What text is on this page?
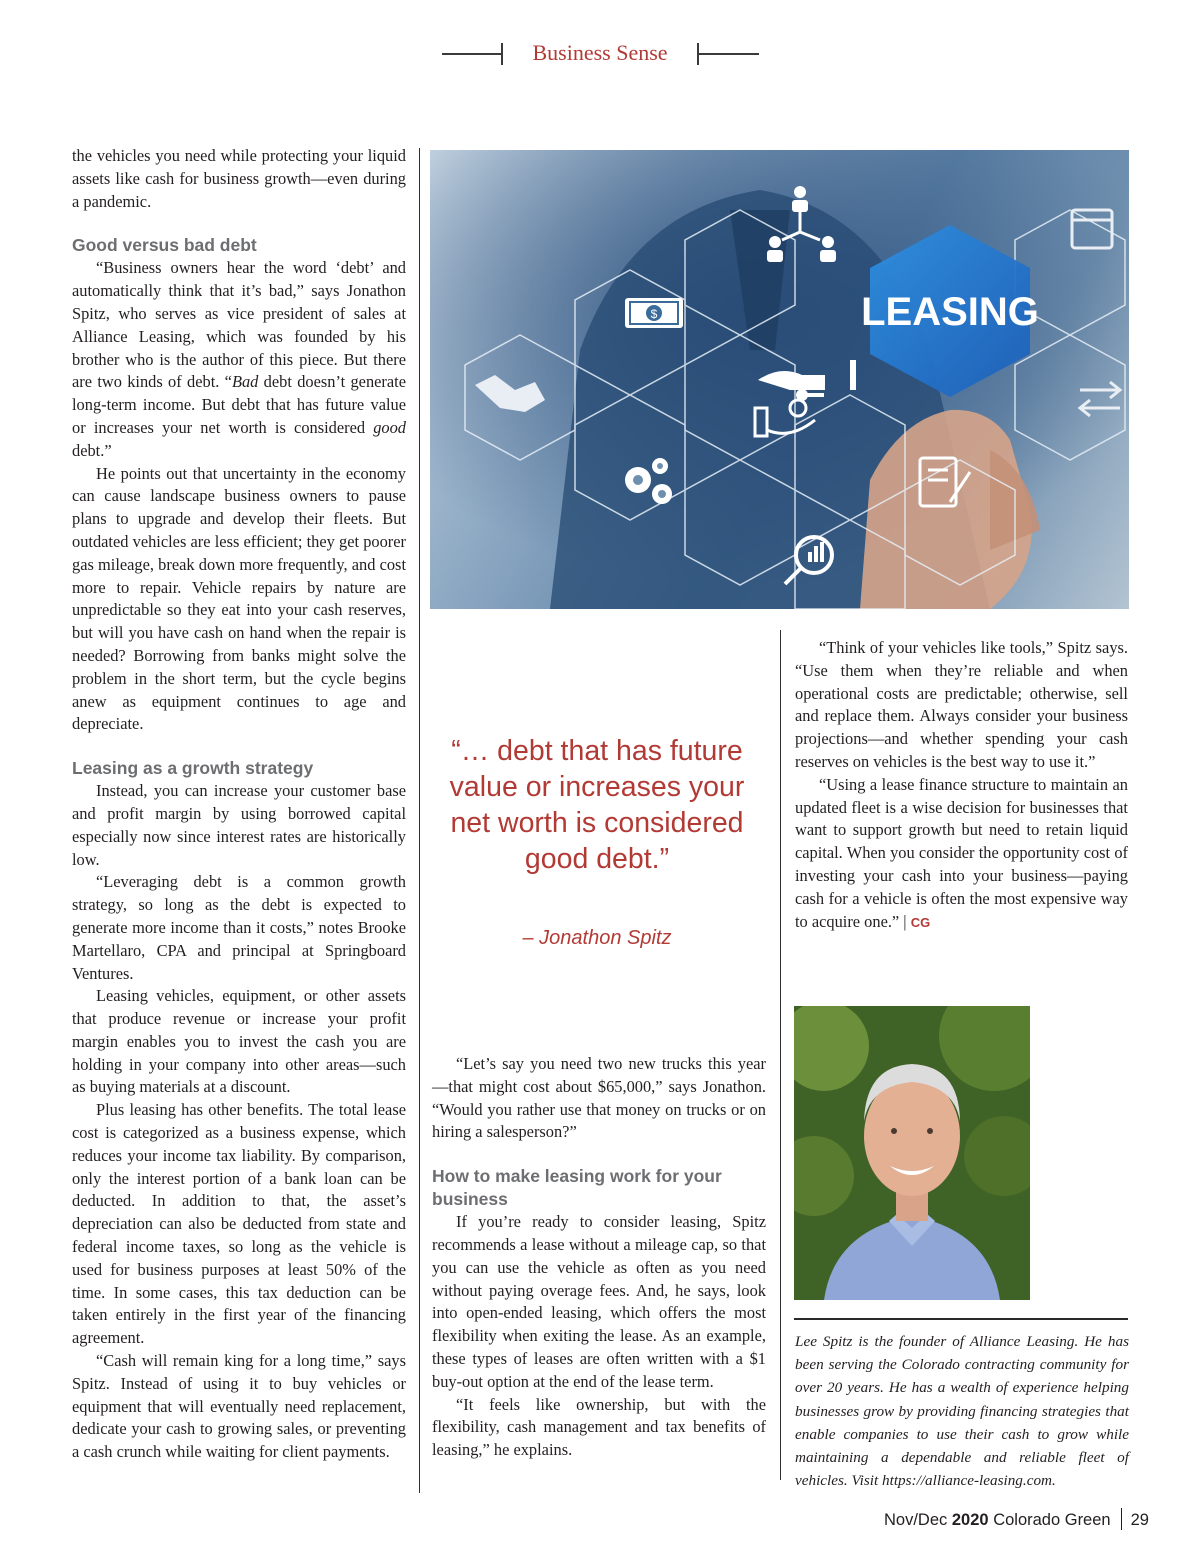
Business Sense

the vehicles you need while protecting your liquid assets like cash for business growth—even during a pandemic.

Good versus bad debt

“Business owners hear the word ‘debt’ and automatically think that it’s bad,” says Jonathon Spitz, who serves as vice president of sales at Alliance Leasing, which was founded by his brother who is the author of this piece. But there are two kinds of debt. “Bad debt doesn’t generate long-term income. But debt that has future value or increases your net worth is considered good debt.”

He points out that uncertainty in the economy can cause landscape business owners to pause plans to upgrade and develop their fleets. But outdated vehicles are less efficient; they get poorer gas mileage, break down more frequently, and cost more to repair. Vehicle repairs by nature are unpredictable so they eat into your cash reserves, but will you have cash on hand when the repair is needed? Borrowing from banks might solve the problem in the short term, but the cycle begins anew as equipment continues to age and depreciate.

Leasing as a growth strategy

Instead, you can increase your customer base and profit margin by using borrowed capital especially now since interest rates are historically low.

“Leveraging debt is a common growth strategy, so long as the debt is expected to generate more income than it costs,” notes Brooke Martellaro, CPA and principal at Springboard Ventures.

Leasing vehicles, equipment, or other assets that produce revenue or increase your profit margin enables you to invest the cash you are holding in your company into other areas—such as buying materials at a discount.

Plus leasing has other benefits. The total lease cost is categorized as a business expense, which reduces your income tax liability. By comparison, only the interest portion of a bank loan can be deducted. In addition to that, the asset’s depreciation can also be deducted from state and federal income taxes, so long as the vehicle is used for business purposes at least 50% of the time. In some cases, this tax deduction can be taken entirely in the first year of the financing agreement.

“Cash will remain king for a long time,” says Spitz. Instead of using it to buy vehicles or equipment that will eventually need replacement, dedicate your cash to growing sales, or preventing a cash crunch while waiting for client payments.

LEASING
$
“… debt that has future value or increases your net worth is considered good debt.”
– Jonathon Spitz

“Let’s say you need two new trucks this year—that might cost about $65,000,” says Jonathon. “Would you rather use that money on trucks or on hiring a salesperson?”

How to make leasing work for your business

If you’re ready to consider leasing, Spitz recommends a lease without a mileage cap, so that you can use the vehicle as often as you need without paying overage fees. And, he says, look into open-ended leasing, which offers the most flexibility when exiting the lease. As an example, these types of leases are often written with a $1 buy-out option at the end of the lease term.

“It feels like ownership, but with the flexibility, cash management and tax benefits of leasing,” he explains.

“Think of your vehicles like tools,” Spitz says. “Use them when they’re reliable and when operational costs are predictable; otherwise, sell and replace them. Always consider your business projections—and whether spending your cash reserves on vehicles is the best way to use it.”

“Using a lease finance structure to maintain an updated fleet is a wise decision for businesses that want to support growth but need to retain liquid capital. When you consider the opportunity cost of investing your cash into your business—paying cash for a vehicle is often the most expensive way to acquire one.” | CG

Lee Spitz is the founder of Alliance Leasing. He has been serving the Colorado contracting community for over 20 years. He has a wealth of experience helping businesses grow by providing financing strategies that enable companies to use their cash to grow while maintaining a dependable and reliable fleet of vehicles. Visit https://alliance-leasing.com.
Nov/Dec 2020 Colorado Green 29
